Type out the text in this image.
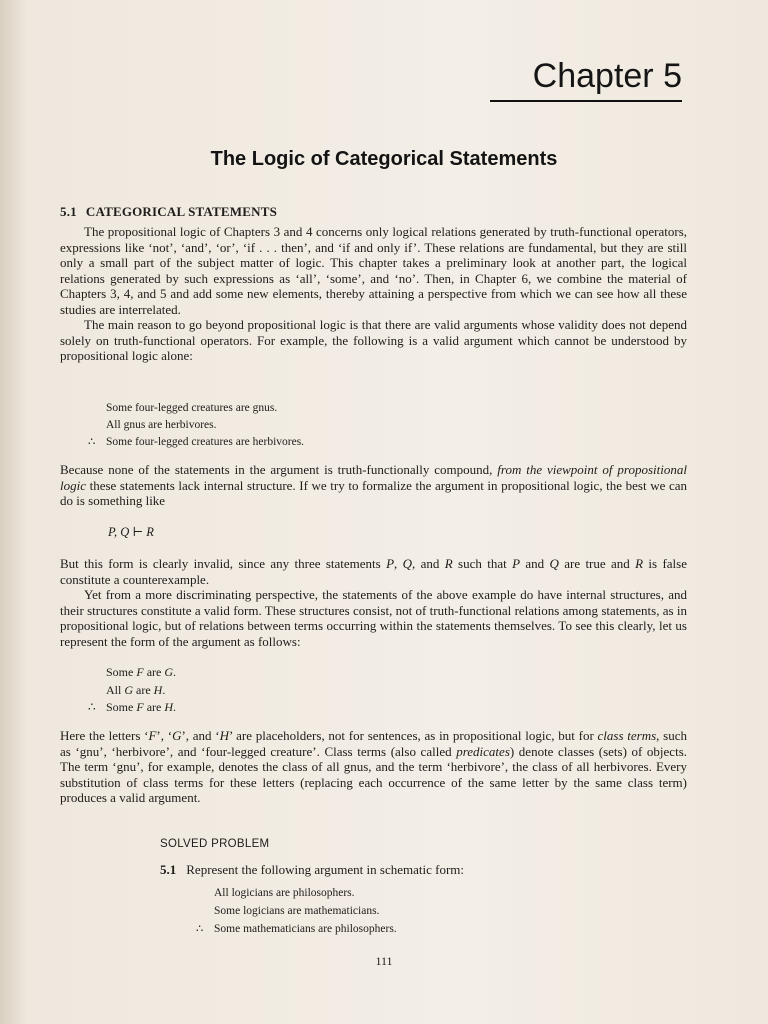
Chapter 5
The Logic of Categorical Statements
5.1 CATEGORICAL STATEMENTS

The propositional logic of Chapters 3 and 4 concerns only logical relations generated by truth-functional operators, expressions like ‘not’, ‘and’, ‘or’, ‘if . . . then’, and ‘if and only if’. These relations are fundamental, but they are still only a small part of the subject matter of logic. This chapter takes a preliminary look at another part, the logical relations generated by such expressions as ‘all’, ‘some’, and ‘no’. Then, in Chapter 6, we combine the material of Chapters 3, 4, and 5 and add some new elements, thereby attaining a perspective from which we can see how all these studies are interrelated.

The main reason to go beyond propositional logic is that there are valid arguments whose validity does not depend solely on truth-functional operators. For example, the following is a valid argument which cannot be understood by propositional logic alone:

Some four-legged creatures are gnus.
All gnus are herbivores.
∴ Some four-legged creatures are herbivores.

Because none of the statements in the argument is truth-functionally compound, from the viewpoint of propositional logic these statements lack internal structure. If we try to formalize the argument in propositional logic, the best we can do is something like

P, Q ⊢ R

But this form is clearly invalid, since any three statements P, Q, and R such that P and Q are true and R is false constitute a counterexample.

Yet from a more discriminating perspective, the statements of the above example do have internal structures, and their structures constitute a valid form. These structures consist, not of truth-functional relations among statements, as in propositional logic, but of relations between terms occurring within the statements themselves. To see this clearly, let us represent the form of the argument as follows:

Some F are G.
All G are H.
∴ Some F are H.

Here the letters ‘F’, ‘G’, and ‘H’ are placeholders, not for sentences, as in propositional logic, but for class terms, such as ‘gnu’, ‘herbivore’, and ‘four-legged creature’. Class terms (also called predicates) denote classes (sets) of objects. The term ‘gnu’, for example, denotes the class of all gnus, and the term ‘herbivore’, the class of all herbivores. Every substitution of class terms for these letters (replacing each occurrence of the same letter by the same class term) produces a valid argument.

SOLVED PROBLEM
5.1 Represent the following argument in schematic form:
All logicians are philosophers.
Some logicians are mathematicians.
∴ Some mathematicians are philosophers.
111
